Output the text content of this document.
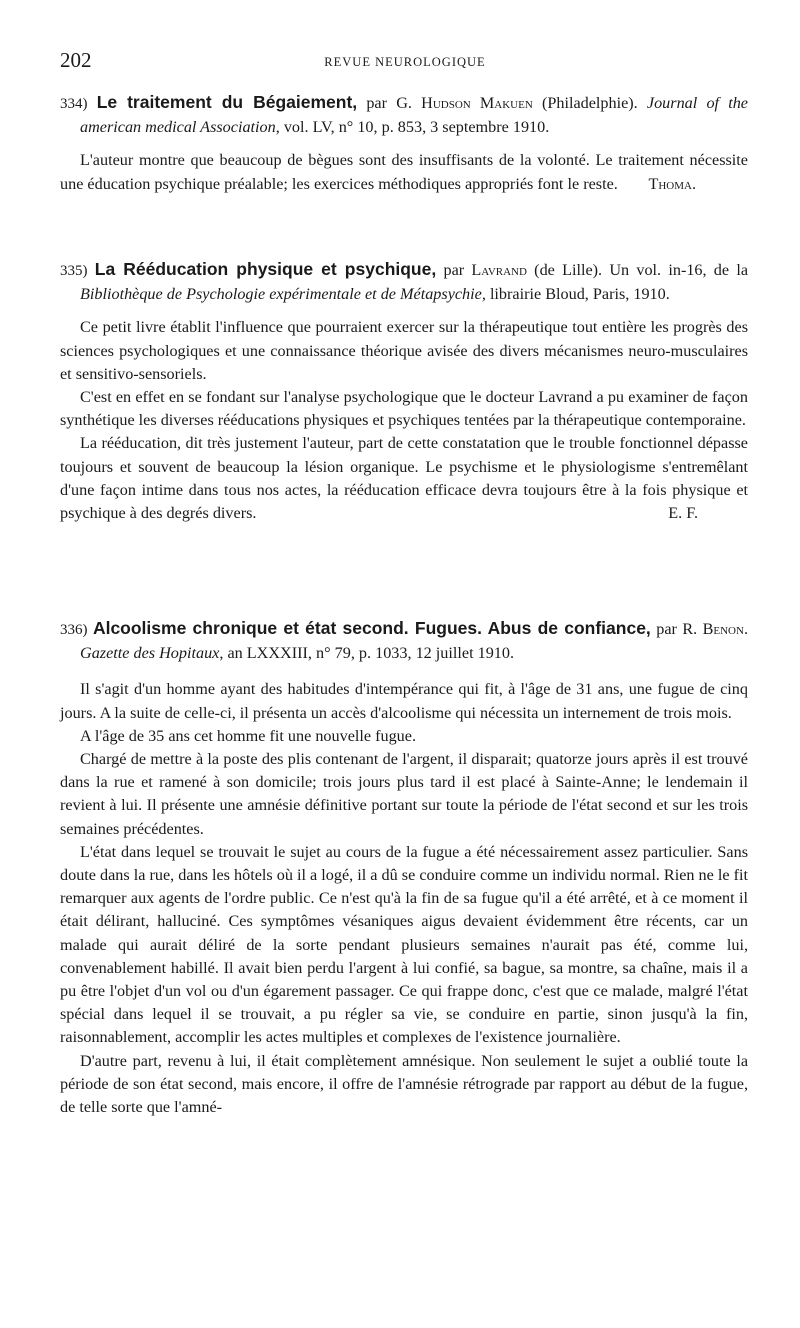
202	REVUE NEUROLOGIQUE

334) Le traitement du Bégaiement, par G. Hudson Makuen (Philadelphie). Journal of the american medical Association, vol. LV, n° 10, p. 853, 3 septembre 1910.

L'auteur montre que beaucoup de bègues sont des insuffisants de la volonté. Le traitement nécessite une éducation psychique préalable; les exercices méthodiques appropriés font le reste.	Thoma.

335) La Rééducation physique et psychique, par Lavrand (de Lille). Un vol. in-16, de la Bibliothèque de Psychologie expérimentale et de Métapsychie, librairie Bloud, Paris, 1910.

Ce petit livre établit l'influence que pourraient exercer sur la thérapeutique tout entière les progrès des sciences psychologiques et une connaissance théorique avisée des divers mécanismes neuro-musculaires et sensitivo-sensoriels.

C'est en effet en se fondant sur l'analyse psychologique que le docteur Lavrand a pu examiner de façon synthétique les diverses rééducations physiques et psychiques tentées par la thérapeutique contemporaine.

La rééducation, dit très justement l'auteur, part de cette constatation que le trouble fonctionnel dépasse toujours et souvent de beaucoup la lésion organique. Le psychisme et le physiologisme s'entremêlant d'une façon intime dans tous nos actes, la rééducation efficace devra toujours être à la fois physique et psychique à des degrés divers.	E. F.

336) Alcoolisme chronique et état second. Fugues. Abus de confiance, par R. Benon. Gazette des Hopitaux, an LXXXIII, n° 79, p. 1033, 12 juillet 1910.

Il s'agit d'un homme ayant des habitudes d'intempérance qui fit, à l'âge de 31 ans, une fugue de cinq jours. A la suite de celle-ci, il présenta un accès d'alcoolisme qui nécessita un internement de trois mois.

A l'âge de 35 ans cet homme fit une nouvelle fugue.

Chargé de mettre à la poste des plis contenant de l'argent, il disparait; quatorze jours après il est trouvé dans la rue et ramené à son domicile; trois jours plus tard il est placé à Sainte-Anne; le lendemain il revient à lui. Il présente une amnésie définitive portant sur toute la période de l'état second et sur les trois semaines précédentes.

L'état dans lequel se trouvait le sujet au cours de la fugue a été nécessairement assez particulier. Sans doute dans la rue, dans les hôtels où il a logé, il a dû se conduire comme un individu normal. Rien ne le fit remarquer aux agents de l'ordre public. Ce n'est qu'à la fin de sa fugue qu'il a été arrêté, et à ce moment il était délirant, halluciné. Ces symptômes vésaniques aigus devaient évidemment être récents, car un malade qui aurait déliré de la sorte pendant plusieurs semaines n'aurait pas été, comme lui, convenablement habillé. Il avait bien perdu l'argent à lui confié, sa bague, sa montre, sa chaîne, mais il a pu être l'objet d'un vol ou d'un égarement passager. Ce qui frappe donc, c'est que ce malade, malgré l'état spécial dans lequel il se trouvait, a pu régler sa vie, se conduire en partie, sinon jusqu'à la fin, raisonnablement, accomplir les actes multiples et complexes de l'existence journalière.

D'autre part, revenu à lui, il était complètement amnésique. Non seulement le sujet a oublié toute la période de son état second, mais encore, il offre de l'amnésie rétrograde par rapport au début de la fugue, de telle sorte que l'amné-
